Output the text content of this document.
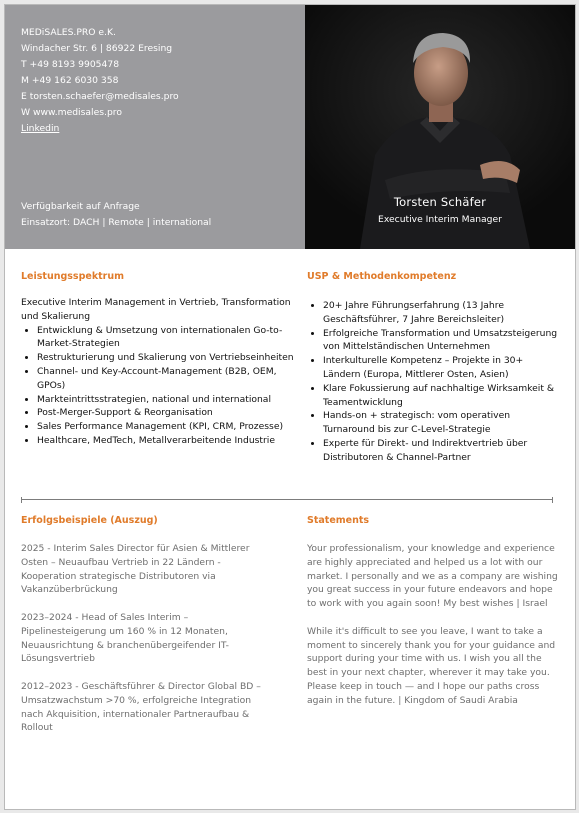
MEDiSALES.PRO e.K.
Windacher Str. 6 | 86922 Eresing
T +49 8193 9905478
M +49 162 6030 358
E torsten.schaefer@medisales.pro
W www.medisales.pro
Linkedin
Verfügbarkeit auf Anfrage
Einsatzort: DACH | Remote | international
Torsten Schäfer
Executive Interim Manager
Leistungsspektrum
Executive Interim Management in Vertrieb, Transformation und Skalierung
• Entwicklung & Umsetzung von internationalen Go-to-Market-Strategien
• Restrukturierung und Skalierung von Vertriebseinheiten
• Channel- und Key-Account-Management (B2B, OEM, GPOs)
• Markteintrittsstrategien, national und international
• Post-Merger-Support & Reorganisation
• Sales Performance Management (KPI, CRM, Prozesse)
• Healthcare, MedTech, Metallverarbeitende Industrie
USP & Methodenkompetenz
• 20+ Jahre Führungserfahrung (13 Jahre Geschäftsführer, 7 Jahre Bereichsleiter)
• Erfolgreiche Transformation und Umsatzsteigerung von Mittelständischen Unternehmen
• Interkulturelle Kompetenz – Projekte in 30+ Ländern (Europa, Mittlerer Osten, Asien)
• Klare Fokussierung auf nachhaltige Wirksamkeit & Teamentwicklung
• Hands-on + strategisch: vom operativen Turnaround bis zur C-Level-Strategie
• Experte für Direkt- und Indirektvertrieb über Distributoren & Channel-Partner
Erfolgsbeispiele (Auszug)
2025 - Interim Sales Director für Asien & Mittlerer Osten – Neuaufbau Vertrieb in 22 Ländern - Kooperation strategische Distributoren via Vakanzüberbrückung
2023–2024 - Head of Sales Interim – Pipelinesteigerung um 160 % in 12 Monaten, Neuausrichtung & branchenübergeifender IT-Lösungsvertrieb
2012–2023 - Geschäftsführer & Director Global BD – Umsatzwachstum >70 %, erfolgreiche Integration nach Akquisition, internationaler Partneraufbau & Rollout
Statements
Your professionalism, your knowledge and experience are highly appreciated and helped us a lot with our market. I personally and we as a company are wishing you great success in your future endeavors and hope to work with you again soon! My best wishes | Israel
While it's difficult to see you leave, I want to take a moment to sincerely thank you for your guidance and support during your time with us. I wish you all the best in your next chapter, wherever it may take you. Please keep in touch — and I hope our paths cross again in the future. | Kingdom of Saudi Arabia
